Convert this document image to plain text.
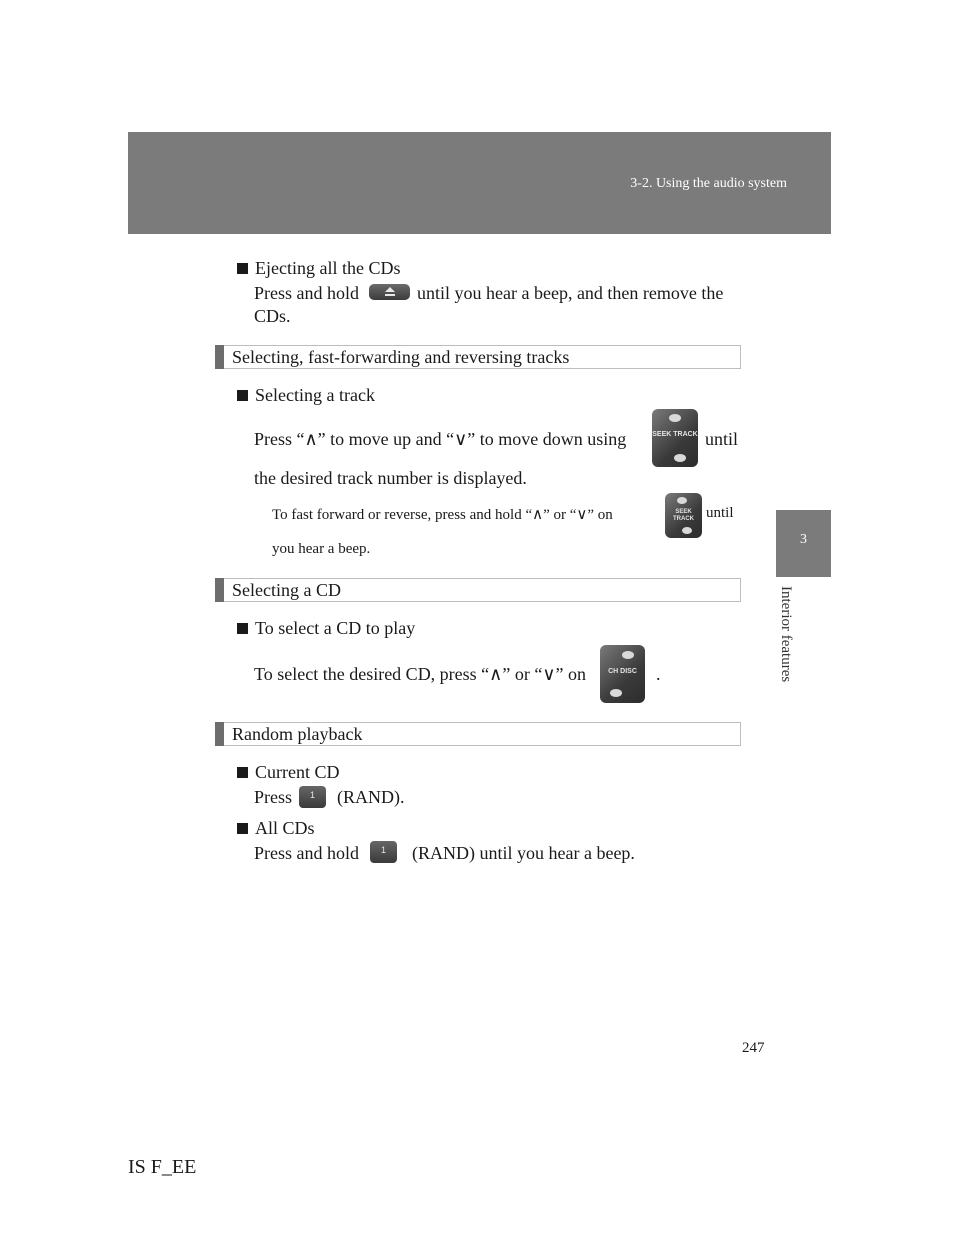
3-2. Using the audio system
3
Interior features
Ejecting all the CDs
Press and hold	until you hear a beep, and then remove the
CDs.
Selecting, fast-forwarding and reversing tracks
Selecting a track
Press “∧” to move up and “∨” to move down using	SEEK TRACK until
the desired track number is displayed.
To fast forward or reverse, press and hold “∧” or “∨” on	SEEK TRACK until
you hear a beep.
Selecting a CD
To select a CD to play
To select the desired CD, press “∧” or “∨” on	CH DISC	.
Random playback
Current CD
Press	1	(RAND).
All CDs
Press and hold	1	(RAND) until you hear a beep.
247
IS F_EE
